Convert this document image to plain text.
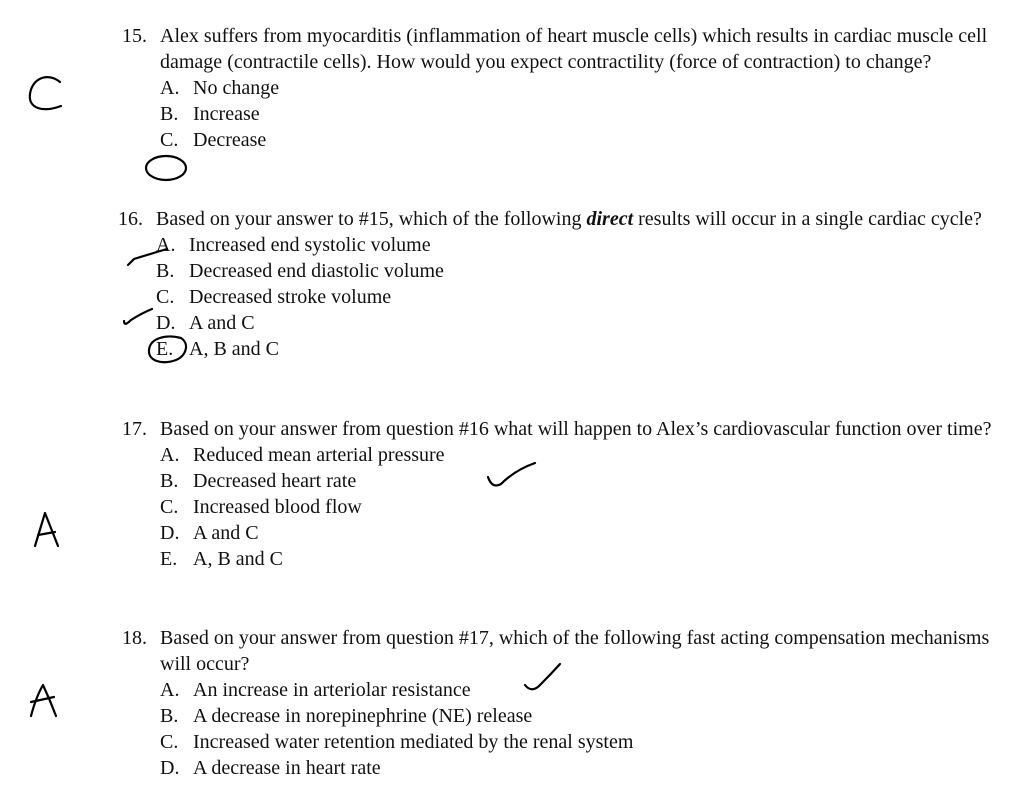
15. Alex suffers from myocarditis (inflammation of heart muscle cells) which results in cardiac muscle cell damage (contractile cells). How would you expect contractility (force of contraction) to change?
A. No change
B. Increase
C. Decrease
16. Based on your answer to #15, which of the following direct results will occur in a single cardiac cycle?
A. Increased end systolic volume
B. Decreased end diastolic volume
C. Decreased stroke volume
D. A and C
E. A, B and C
17. Based on your answer from question #16 what will happen to Alex’s cardiovascular function over time?
A. Reduced mean arterial pressure
B. Decreased heart rate
C. Increased blood flow
D. A and C
E. A, B and C
18. Based on your answer from question #17, which of the following fast acting compensation mechanisms will occur?
A. An increase in arteriolar resistance
B. A decrease in norepinephrine (NE) release
C. Increased water retention mediated by the renal system
D. A decrease in heart rate
